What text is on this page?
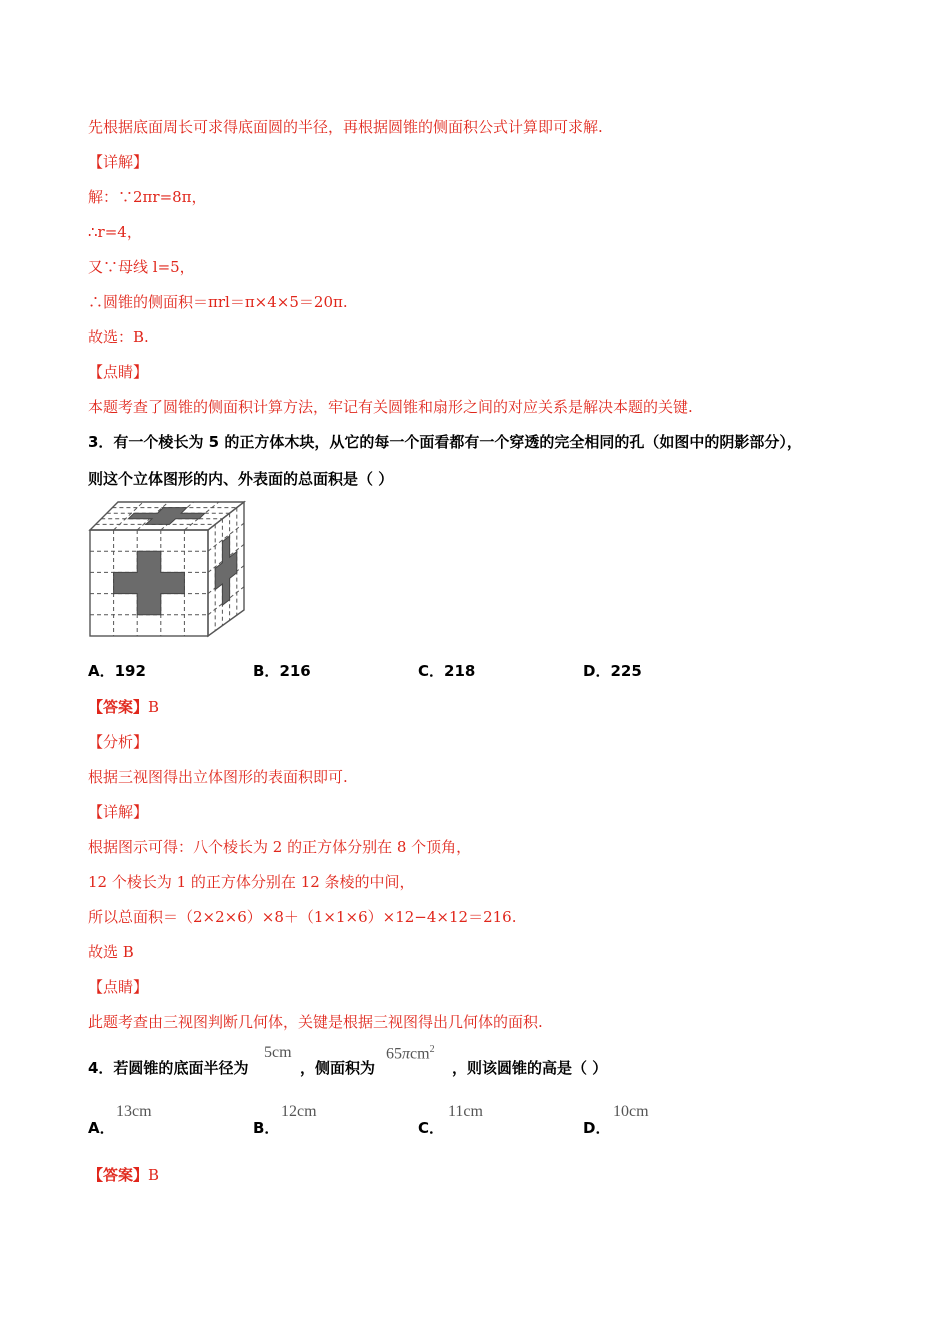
先根据底面周长可求得底面圆的半径，再根据圆锥的侧面积公式计算即可求解.
【详解】
解：∵2πr=8π，
∴r=4，
又∵母线 l=5，
∴圆锥的侧面积＝πrl＝π×4×5＝20π.
故选：B.
【点睛】
本题考查了圆锥的侧面积计算方法，牢记有关圆锥和扇形之间的对应关系是解决本题的关键.
3．有一个棱长为 5 的正方体木块，从它的每一个面看都有一个穿透的完全相同的孔（如图中的阴影部分），
则这个立体图形的内、外表面的总面积是（ ）
A．192	B．216	C．218	D．225
【答案】B
【分析】
根据三视图得出立体图形的表面积即可.
【详解】
根据图示可得：八个棱长为 2 的正方体分别在 8 个顶角，
12 个棱长为 1 的正方体分别在 12 条棱的中间，
所以总面积＝（2×2×6）×8＋（1×1×6）×12−4×12＝216.
故选 B
【点睛】
此题考查由三视图判断几何体，关键是根据三视图得出几何体的面积.
4．若圆锥的底面半径为
5cm
，侧面积为
65πcm$^2$
，则该圆锥的高是（ ）
A．
13cm
B．
12cm
C．
11cm
D．
10cm
【答案】B
